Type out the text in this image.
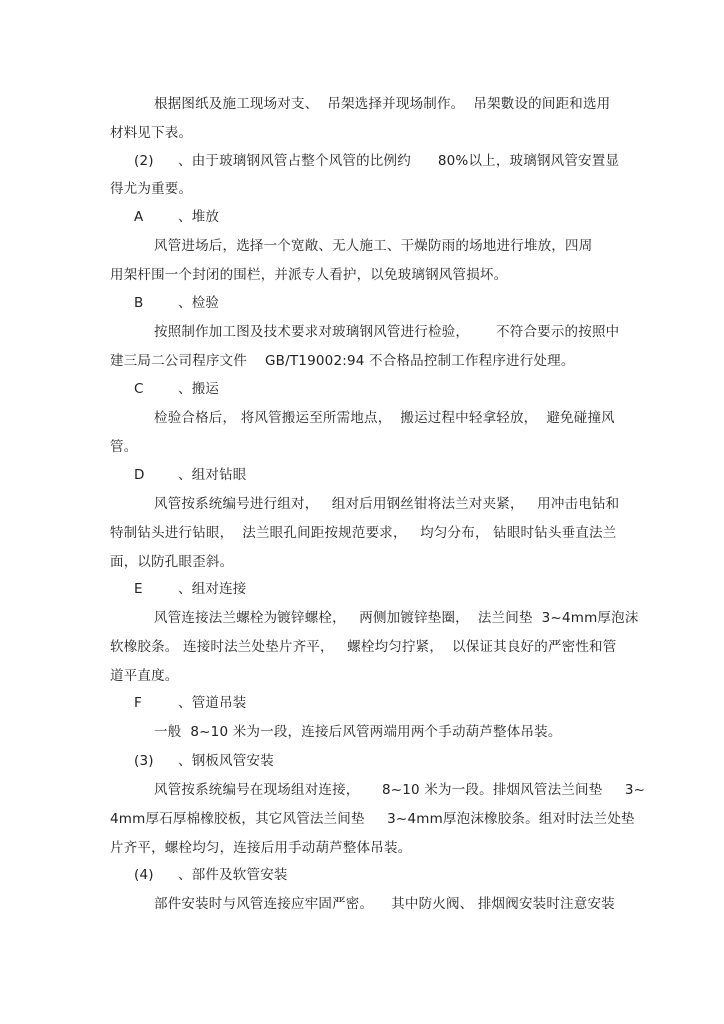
根据图纸及施工现场对支、  吊架选择并现场制作。  吊架數设的间距和选用
材料见下表。
(2) 、由于玻璃钢风管占整个风管的比例约      80%以上，玻璃钢风管安置显
得尤为重要。
A	、堆放
风管进场后，选择一个宽敞、无人施工、干燥防雨的场地进行堆放，四周
用架杆围一个封闭的围栏，并派专人看护，以免玻璃钢风管损坏。
B	、检验
按照制作加工图及技术要求对玻璃钢风管进行检验，      不符合要示的按照中
建三局二公司程序文件    GB/T19002:94 不合格品控制工作程序进行处理。
C	、搬运
检验合格后， 将风管搬运至所需地点，  搬运过程中轻拿轻放，  避免碰撞风
管。
D 、组对钻眼
风管按系统编号进行组对，   组对后用钢丝钳将法兰对夹紧，   用冲击电钻和
特制钻头进行钻眼，  法兰眼孔间距按规范要求，   均匀分布， 钻眼时钻头垂直法兰
面，以防孔眼歪斜。
E	、组对连接
风管连接法兰螺栓为镀锌螺栓，   两侧加镀锌垫圈，  法兰间垫  3~4mm厚泡沫
软橡胶条。 连接时法兰处垫片齐平，   螺栓均匀拧紧，  以保证其良好的严密性和管
道平直度。
F	、管道吊装
一般  8~10 米为一段，连接后风管两端用两个手动葫芦整体吊装。
(3) 、钢板风管安装
风管按系统编号在现场组对连接，     8~10 米为一段。排烟风管法兰间垫     3~
4mm厚石厚棉橡胶板，其它风管法兰间垫     3~4mm厚泡沫橡胶条。组对时法兰处垫
片齐平，螺栓均匀，连接后用手动葫芦整体吊装。
(4) 、部件及软管安装
部件安装时与风管连接应牢固严密。    其中防火阀、 排烟阀安装时注意安装
